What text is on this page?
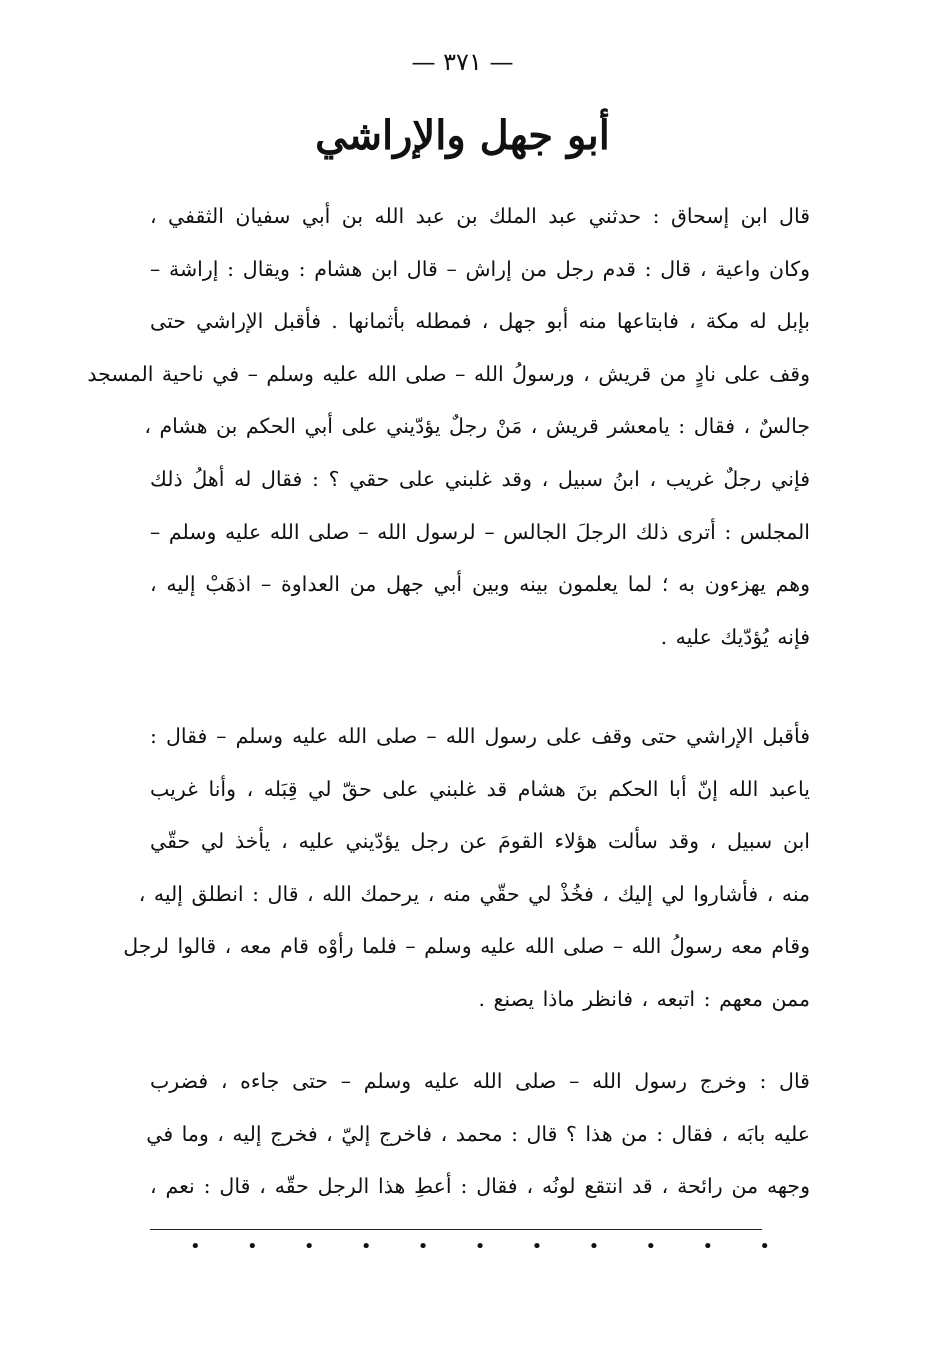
— ٣٧١ —
أبو جهل والإراشي
قال ابن إسحاق : حدثني عبد الملك بن عبد الله بن أبي سفيان الثقفي ،
وكان واعية ، قال : قدم رجل من إراش – قال ابن هشام : ويقال : إراشة –
بإبل له مكة ، فابتاعها منه أبو جهل ، فمطله بأثمانها . فأقبل الإراشي حتى
وقف على نادٍ من قريش ، ورسولُ الله – صلى الله عليه وسلم – في ناحية المسجد
جالسٌ ، فقال : يامعشر قريش ، مَنْ رجلٌ يؤدّيني على أبي الحكم بن هشام ،
فإني رجلٌ غريب ، ابنُ سبيل ، وقد غلبني على حقي ؟ : فقال له أهلُ ذلك
المجلس : أترى ذلك الرجلَ الجالس – لرسول الله – صلى الله عليه وسلم –
وهم يهزءون به ؛ لما يعلمون بينه وبين أبي جهل من العداوة – اذهَبْ إليه ،
فإنه يُؤدّيك عليه .
فأقبل الإراشي حتى وقف على رسول الله – صلى الله عليه وسلم – فقال :
ياعبد الله إنّ أبا الحكم بنَ هشام قد غلبني على حقّ لي قِبَله ، وأنا غريب
ابن سبيل ، وقد سألت هؤلاء القومَ عن رجل يؤدّيني عليه ، يأخذ لي حقّي
منه ، فأشاروا لي إليك ، فخُذْ لي حقّي منه ، يرحمك الله ، قال : انطلق إليه ،
وقام معه رسولُ الله – صلى الله عليه وسلم – فلما رأوْه قام معه ، قالوا لرجل
ممن معهم : اتبعه ، فانظر ماذا يصنع .
قال : وخرج رسول الله – صلى الله عليه وسلم – حتى جاءه ، فضرب
عليه بابَه ، فقال : من هذا ؟ قال : محمد ، فاخرج إليّ ، فخرج إليه ، وما في
وجهه من رائحة ، قد انتقع لونُه ، فقال : أعطِ هذا الرجل حقّه ، قال : نعم ،
•	•	•	•	•	•	•	•	•	•	•
